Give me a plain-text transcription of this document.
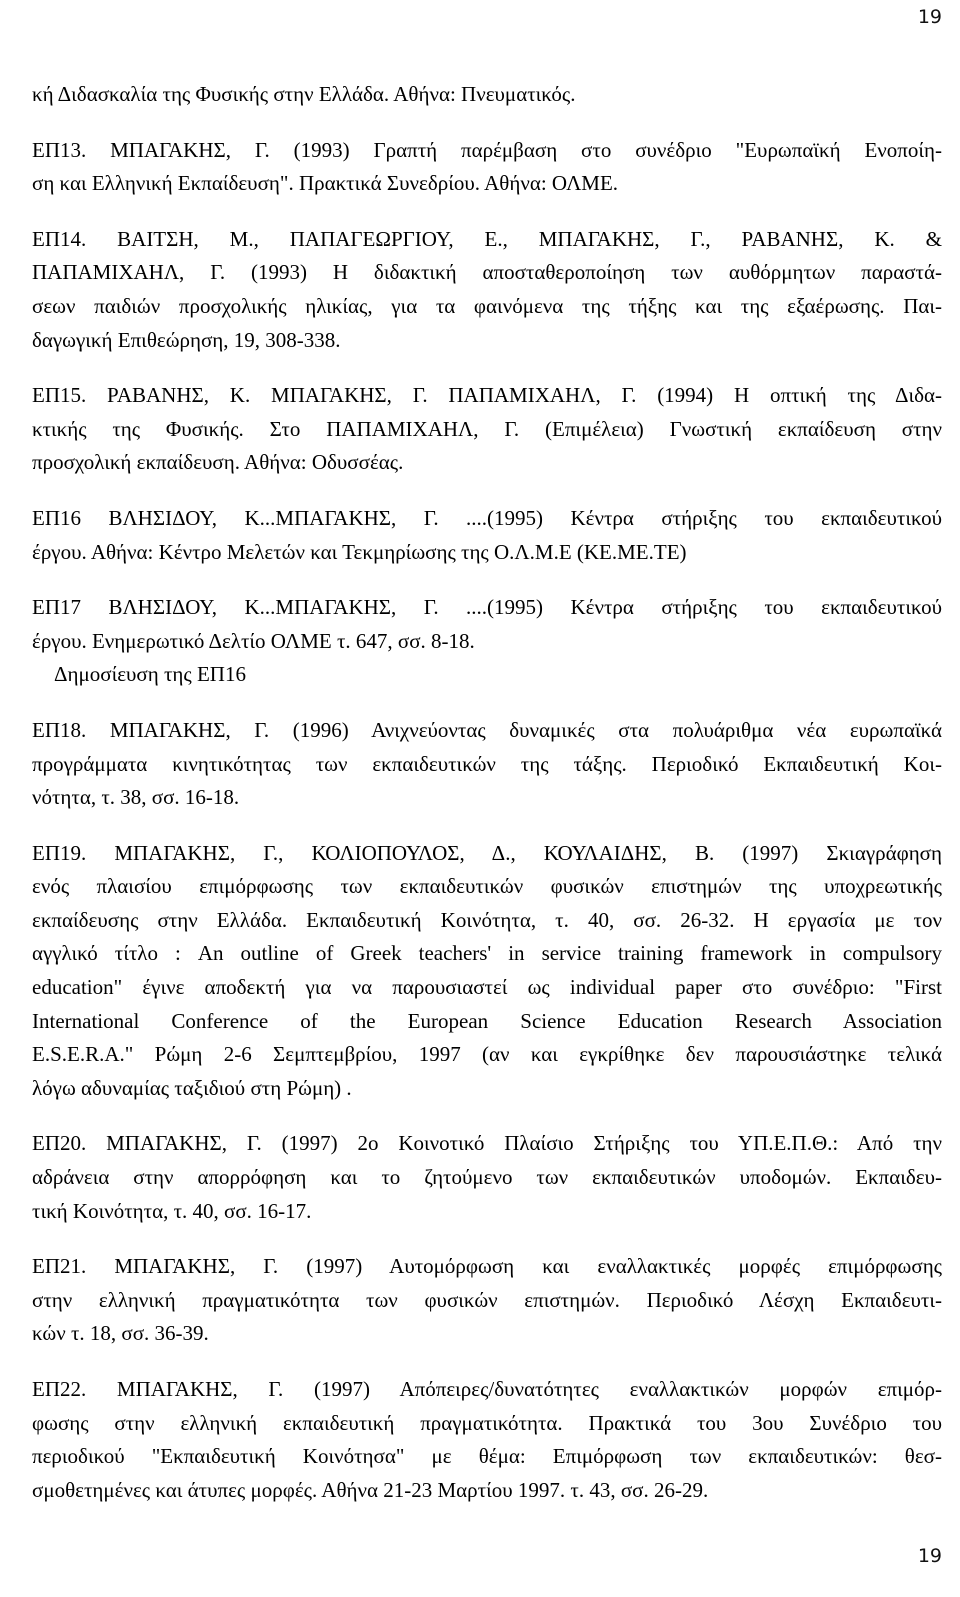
19
κή Διδασκαλία της Φυσικής στην Ελλάδα. Αθήνα: Πνευματικός.
ΕΠ13. ΜΠΑΓΑΚΗΣ, Γ. (1993) Γραπτή παρέμβαση στο συνέδριο "Ευρωπαϊκή Ενοποίη-
ση και Ελληνική Εκπαίδευση". Πρακτικά Συνεδρίου. Αθήνα: ΟΛΜΕ.
ΕΠ14. ΒΑΙΤΣΗ, Μ., ΠΑΠΑΓΕΩΡΓΙΟΥ, Ε., ΜΠΑΓΑΚΗΣ, Γ., ΡΑΒΑΝΗΣ, Κ. &
ΠΑΠΑΜΙΧΑΗΛ, Γ. (1993) Η διδακτική αποσταθεροποίηση των αυθόρμητων παραστά-
σεων παιδιών προσχολικής ηλικίας, για τα φαινόμενα της τήξης και της εξαέρωσης. Παι-
δαγωγική Επιθεώρηση, 19, 308-338.
ΕΠ15. ΡΑΒΑΝΗΣ, Κ. ΜΠΑΓΑΚΗΣ, Γ. ΠΑΠΑΜΙΧΑΗΛ, Γ. (1994) Η οπτική της Διδα-
κτικής της Φυσικής. Στο ΠΑΠΑΜΙΧΑΗΛ, Γ. (Επιμέλεια) Γνωστική εκπαίδευση στην
προσχολική εκπαίδευση. Αθήνα: Οδυσσέας.
ΕΠ16 ΒΛΗΣΙΔΟΥ, Κ...ΜΠΑΓΑΚΗΣ, Γ. ....(1995) Κέντρα στήριξης του εκπαιδευτικού
έργου. Αθήνα: Κέντρο Μελετών και Τεκμηρίωσης της Ο.Λ.Μ.Ε (ΚΕ.ΜΕ.ΤΕ)
ΕΠ17 ΒΛΗΣΙΔΟΥ, Κ...ΜΠΑΓΑΚΗΣ, Γ. ....(1995) Κέντρα στήριξης του εκπαιδευτικού
έργου. Ενημερωτικό Δελτίο ΟΛΜΕ τ. 647, σσ. 8-18.
Δημοσίευση της ΕΠ16
ΕΠ18. ΜΠΑΓΑΚΗΣ, Γ. (1996) Ανιχνεύοντας δυναμικές στα πολυάριθμα νέα ευρωπαϊκά
προγράμματα κινητικότητας των εκπαιδευτικών της τάξης. Περιοδικό Εκπαιδευτική Κοι-
νότητα, τ. 38, σσ. 16-18.
ΕΠ19. ΜΠΑΓΑΚΗΣ, Γ., ΚΟΛΙΟΠΟΥΛΟΣ, Δ., ΚΟΥΛΑΙΔΗΣ, Β. (1997) Σκιαγράφηση
ενός πλαισίου επιμόρφωσης των εκπαιδευτικών φυσικών επιστημών της υποχρεωτικής
εκπαίδευσης στην Ελλάδα. Εκπαιδευτική Κοινότητα, τ. 40, σσ. 26-32. Η εργασία με τον
αγγλικό τίτλο : An outline of Greek teachers' in service training framework in compulsory
education" έγινε αποδεκτή για να παρουσιαστεί ως individual paper στο συνέδριο: "First
International Conference of the European Science Education Research Association
E.S.E.R.A." Ρώμη 2-6 Σεμπτεμβρίου, 1997 (αν και εγκρίθηκε δεν παρουσιάστηκε τελικά
λόγω αδυναμίας ταξιδιού στη Ρώμη) .
ΕΠ20. ΜΠΑΓΑΚΗΣ, Γ. (1997) 2ο Κοινοτικό Πλαίσιο Στήριξης του ΥΠ.Ε.Π.Θ.: Από την
αδράνεια στην απορρόφηση και το ζητούμενο των εκπαιδευτικών υποδομών. Εκπαιδευ-
τική Κοινότητα, τ. 40, σσ. 16-17.
ΕΠ21. ΜΠΑΓΑΚΗΣ, Γ. (1997) Αυτομόρφωση και εναλλακτικές μορφές επιμόρφωσης
στην ελληνική πραγματικότητα των φυσικών επιστημών. Περιοδικό Λέσχη Εκπαιδευτι-
κών τ. 18, σσ. 36-39.
ΕΠ22. ΜΠΑΓΑΚΗΣ, Γ. (1997) Απόπειρες/δυνατότητες εναλλακτικών μορφών επιμόρ-
φωσης στην ελληνική εκπαιδευτική πραγματικότητα. Πρακτικά του 3ου Συνέδριο του
περιοδικού "Εκπαιδευτική Κοινότησα" με θέμα: Επιμόρφωση των εκπαιδευτικών: θεσ-
σμοθετημένες και άτυπες μορφές. Αθήνα 21-23 Μαρτίου 1997. τ. 43, σσ. 26-29.
19
